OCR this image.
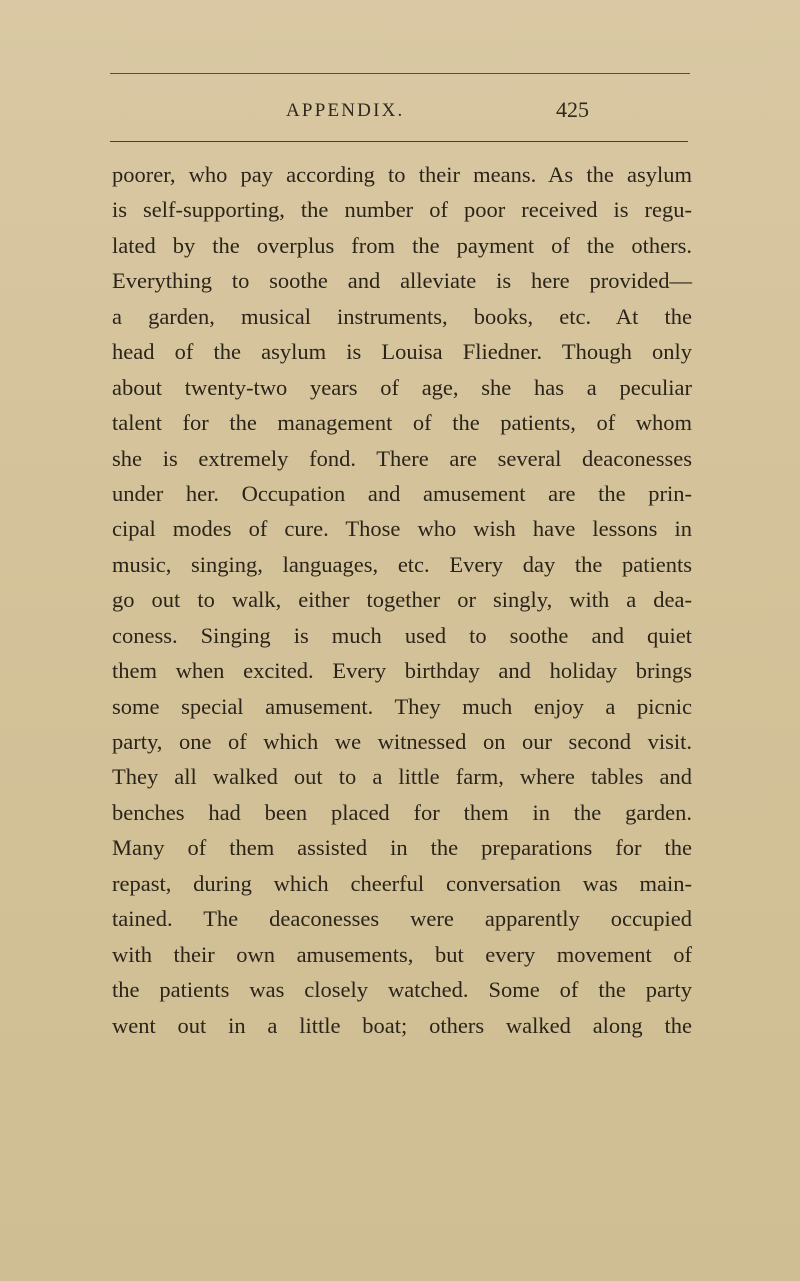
APPENDIX.	425
poorer, who pay according to their means. As the asylum
is self-supporting, the number of poor received is regu-
lated by the overplus from the payment of the others.
Everything to soothe and alleviate is here provided—
a garden, musical instruments, books, etc. At the
head of the asylum is Louisa Fliedner. Though only
about twenty-two years of age, she has a peculiar
talent for the management of the patients, of whom
she is extremely fond. There are several deaconesses
under her. Occupation and amusement are the prin-
cipal modes of cure. Those who wish have lessons in
music, singing, languages, etc. Every day the patients
go out to walk, either together or singly, with a dea-
coness. Singing is much used to soothe and quiet
them when excited. Every birthday and holiday brings
some special amusement. They much enjoy a picnic
party, one of which we witnessed on our second visit.
They all walked out to a little farm, where tables and
benches had been placed for them in the garden.
Many of them assisted in the preparations for the
repast, during which cheerful conversation was main-
tained. The deaconesses were apparently occupied
with their own amusements, but every movement of
the patients was closely watched. Some of the party
went out in a little boat; others walked along the
